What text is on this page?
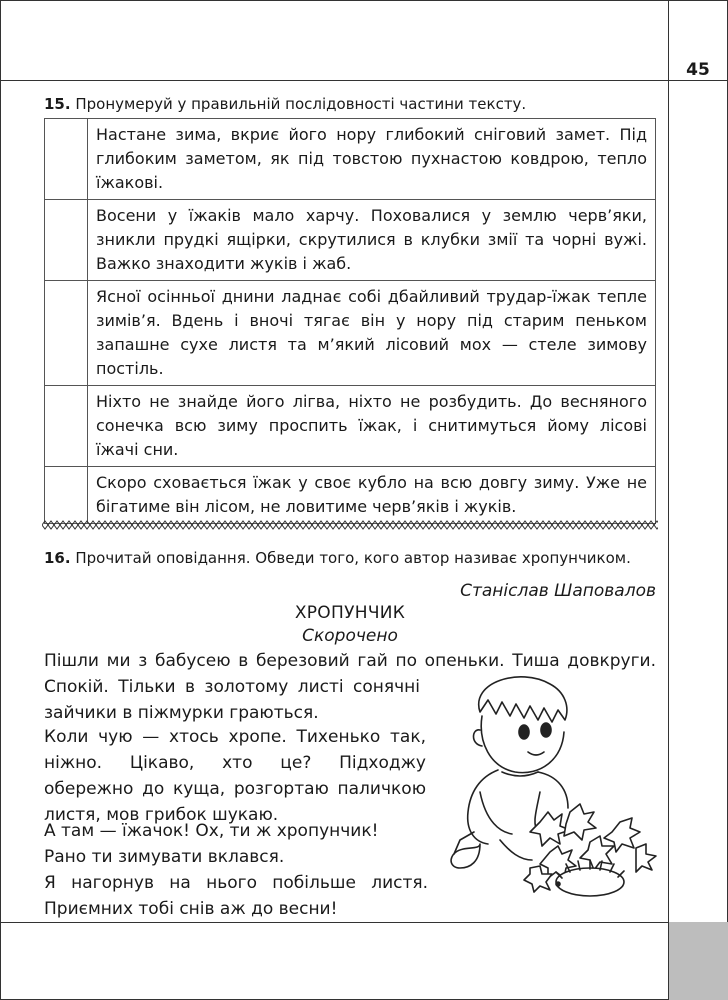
45
15. Пронумеруй у правильній послідовності частини тексту.
	Настане зима, вкриє його нору глибокий сніговий замет. Під глибоким заметом, як під товстою пухнастою ковдрою, тепло їжакові.
	Восени у їжаків мало харчу. Поховалися у землю черв’яки, зникли прудкі ящірки, скрутилися в клубки змії та чорні вужі. Важко знаходити жуків і жаб.
	Ясної осінньої днини ладнає собі дбайливий трудар-їжак тепле зимів’я. Вдень і вночі тягає він у нору під старим пеньком запашне сухе листя та м’який лісовий мох — стеле зимову постіль.
	Ніхто не знайде його лігва, ніхто не розбудить. До весняного сонечка всю зиму проспить їжак, і снитимуться йому лісові їжачі сни.
	Скоро сховається їжак у своє кубло на всю довгу зиму. Уже не бігатиме він лісом, не ловитиме черв’яків і жуків.
16. Прочитай оповідання. Обведи того, кого автор називає хропунчиком.
Станіслав Шаповалов
ХРОПУНЧИК
Скорочено
Пішли ми з бабусею в березовий гай по опеньки. Тиша довкруги.
Спокій. Тільки в золотому листі сонячні зайчики в піжмурки граються.
Коли чую — хтось хропе. Тихенько так, ніжно. Цікаво, хто це? Підходжу обережно до куща, розгортаю паличкою листя, мов грибок шукаю.
А там — їжачок! Ох, ти ж хропунчик!
Рано ти зимувати вклався.
Я нагорнув на нього побільше листя. Приємних тобі снів аж до весни!
